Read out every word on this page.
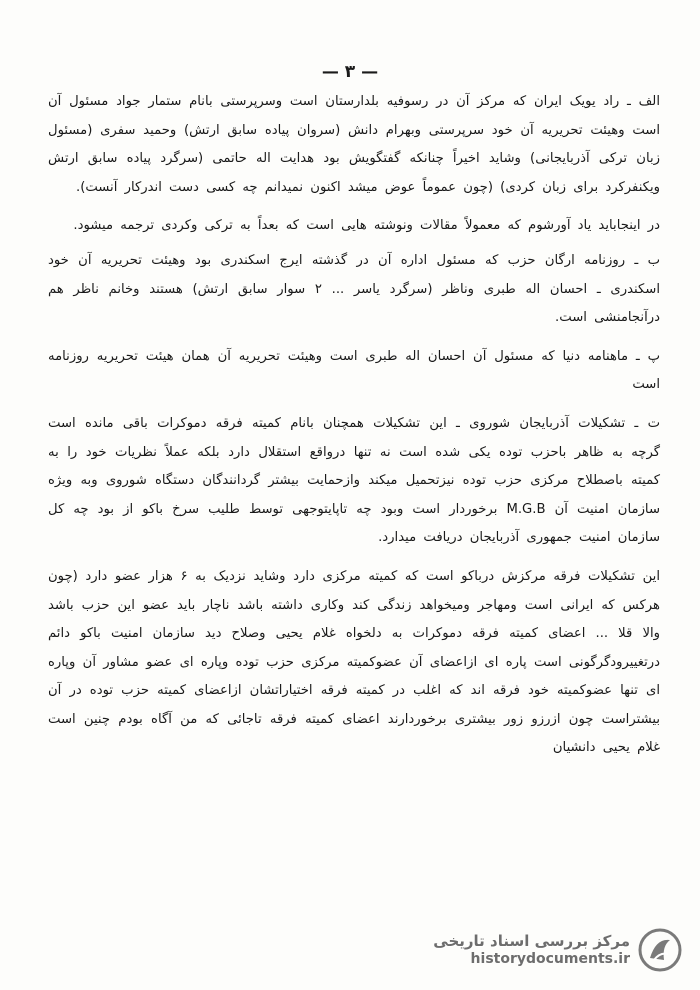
— ۳ —

الف ـ راد یویک ایران که مرکز آن در رسوفیه بلدارستان است وسرپرستی بانام ستمار جواد مسئول آن است وهیئت تحریریه آن خود سرپرستی وبهرام دانش (سروان پیاده سابق ارتش) وحمید سفری (مسئول زبان ترکی آذربایجانی) وشاید اخیراً چنانکه گفتگویش بود هدایت اله حاتمی (سرگرد پیاده سابق ارتش ویکنفرکرد برای زبان کردی) (چون عموماً عوض میشد اکنون نمیدانم چه کسی دست اندرکار آنست).

در اینجاباید یاد آورشوم که معمولاً مقالات ونوشته هایی است که بعداً به ترکی وکردی ترجمه میشود.

ب ـ روزنامه ارگان حزب که مسئول اداره آن در گذشته ایرج اسکندری بود وهیئت تحریریه آن خود اسکندری ـ احسان اله طبری وناظر (سرگرد یاسر ... ۲ سوار سابق ارتش) هستند وخانم ناظر هم درآنجامنشی است.

پ ـ ماهنامه دنیا که مسئول آن احسان اله طبری است وهیئت تحریریه آن همان هیئت تحریریه روزنامه است

ت ـ تشکیلات آذربایجان شوروی ـ این تشکیلات همچنان بانام کمیته فرقه دموکرات باقی مانده است گرچه به ظاهر باحزب توده یکی شده است نه تنها درواقع استقلال دارد بلکه عملاً نظریات خود را به کمیته باصطلاح مرکزی حزب توده نیزتحمیل میکند وازحمایت بیشتر گردانندگان دستگاه شوروی وبه ویژه سازمان امنیت آن M.G.B برخوردار است وبود چه تاپایتوجهی توسط طلیب سرخ باکو از بود چه کل سازمان امنیت جمهوری آذربایجان دریافت میدارد.

این تشکیلات فرقه مرکزش درباکو است که کمیته مرکزی دارد وشاید نزدیک به ۶ هزار عضو دارد (چون هرکس که ایرانی است ومهاجر ومیخواهد زندگی کند وکاری داشته باشد ناچار باید عضو این حزب باشد والا قلا ... اعضای کمیته فرقه دموکرات به دلخواه غلام یحیی وصلاح دید سازمان امنیت باکو دائم درتغییرودگرگونی است پاره ای ازاعضای آن عضوکمیته مرکزی حزب توده وپاره ای عضو مشاور آن وپاره ای تنها عضوکمیته خود فرقه اند که اغلب در کمیته فرقه اختیاراتشان ازاعضای کمیته حزب توده در آن بیشتراست چون ازرزو زور بیشتری برخوردارند اعضای کمیته فرقه تاجائی که من آگاه بودم چنین است غلام یحیی دانشیان

مرکز بررسی اسناد تاریخی
historydocuments.ir
